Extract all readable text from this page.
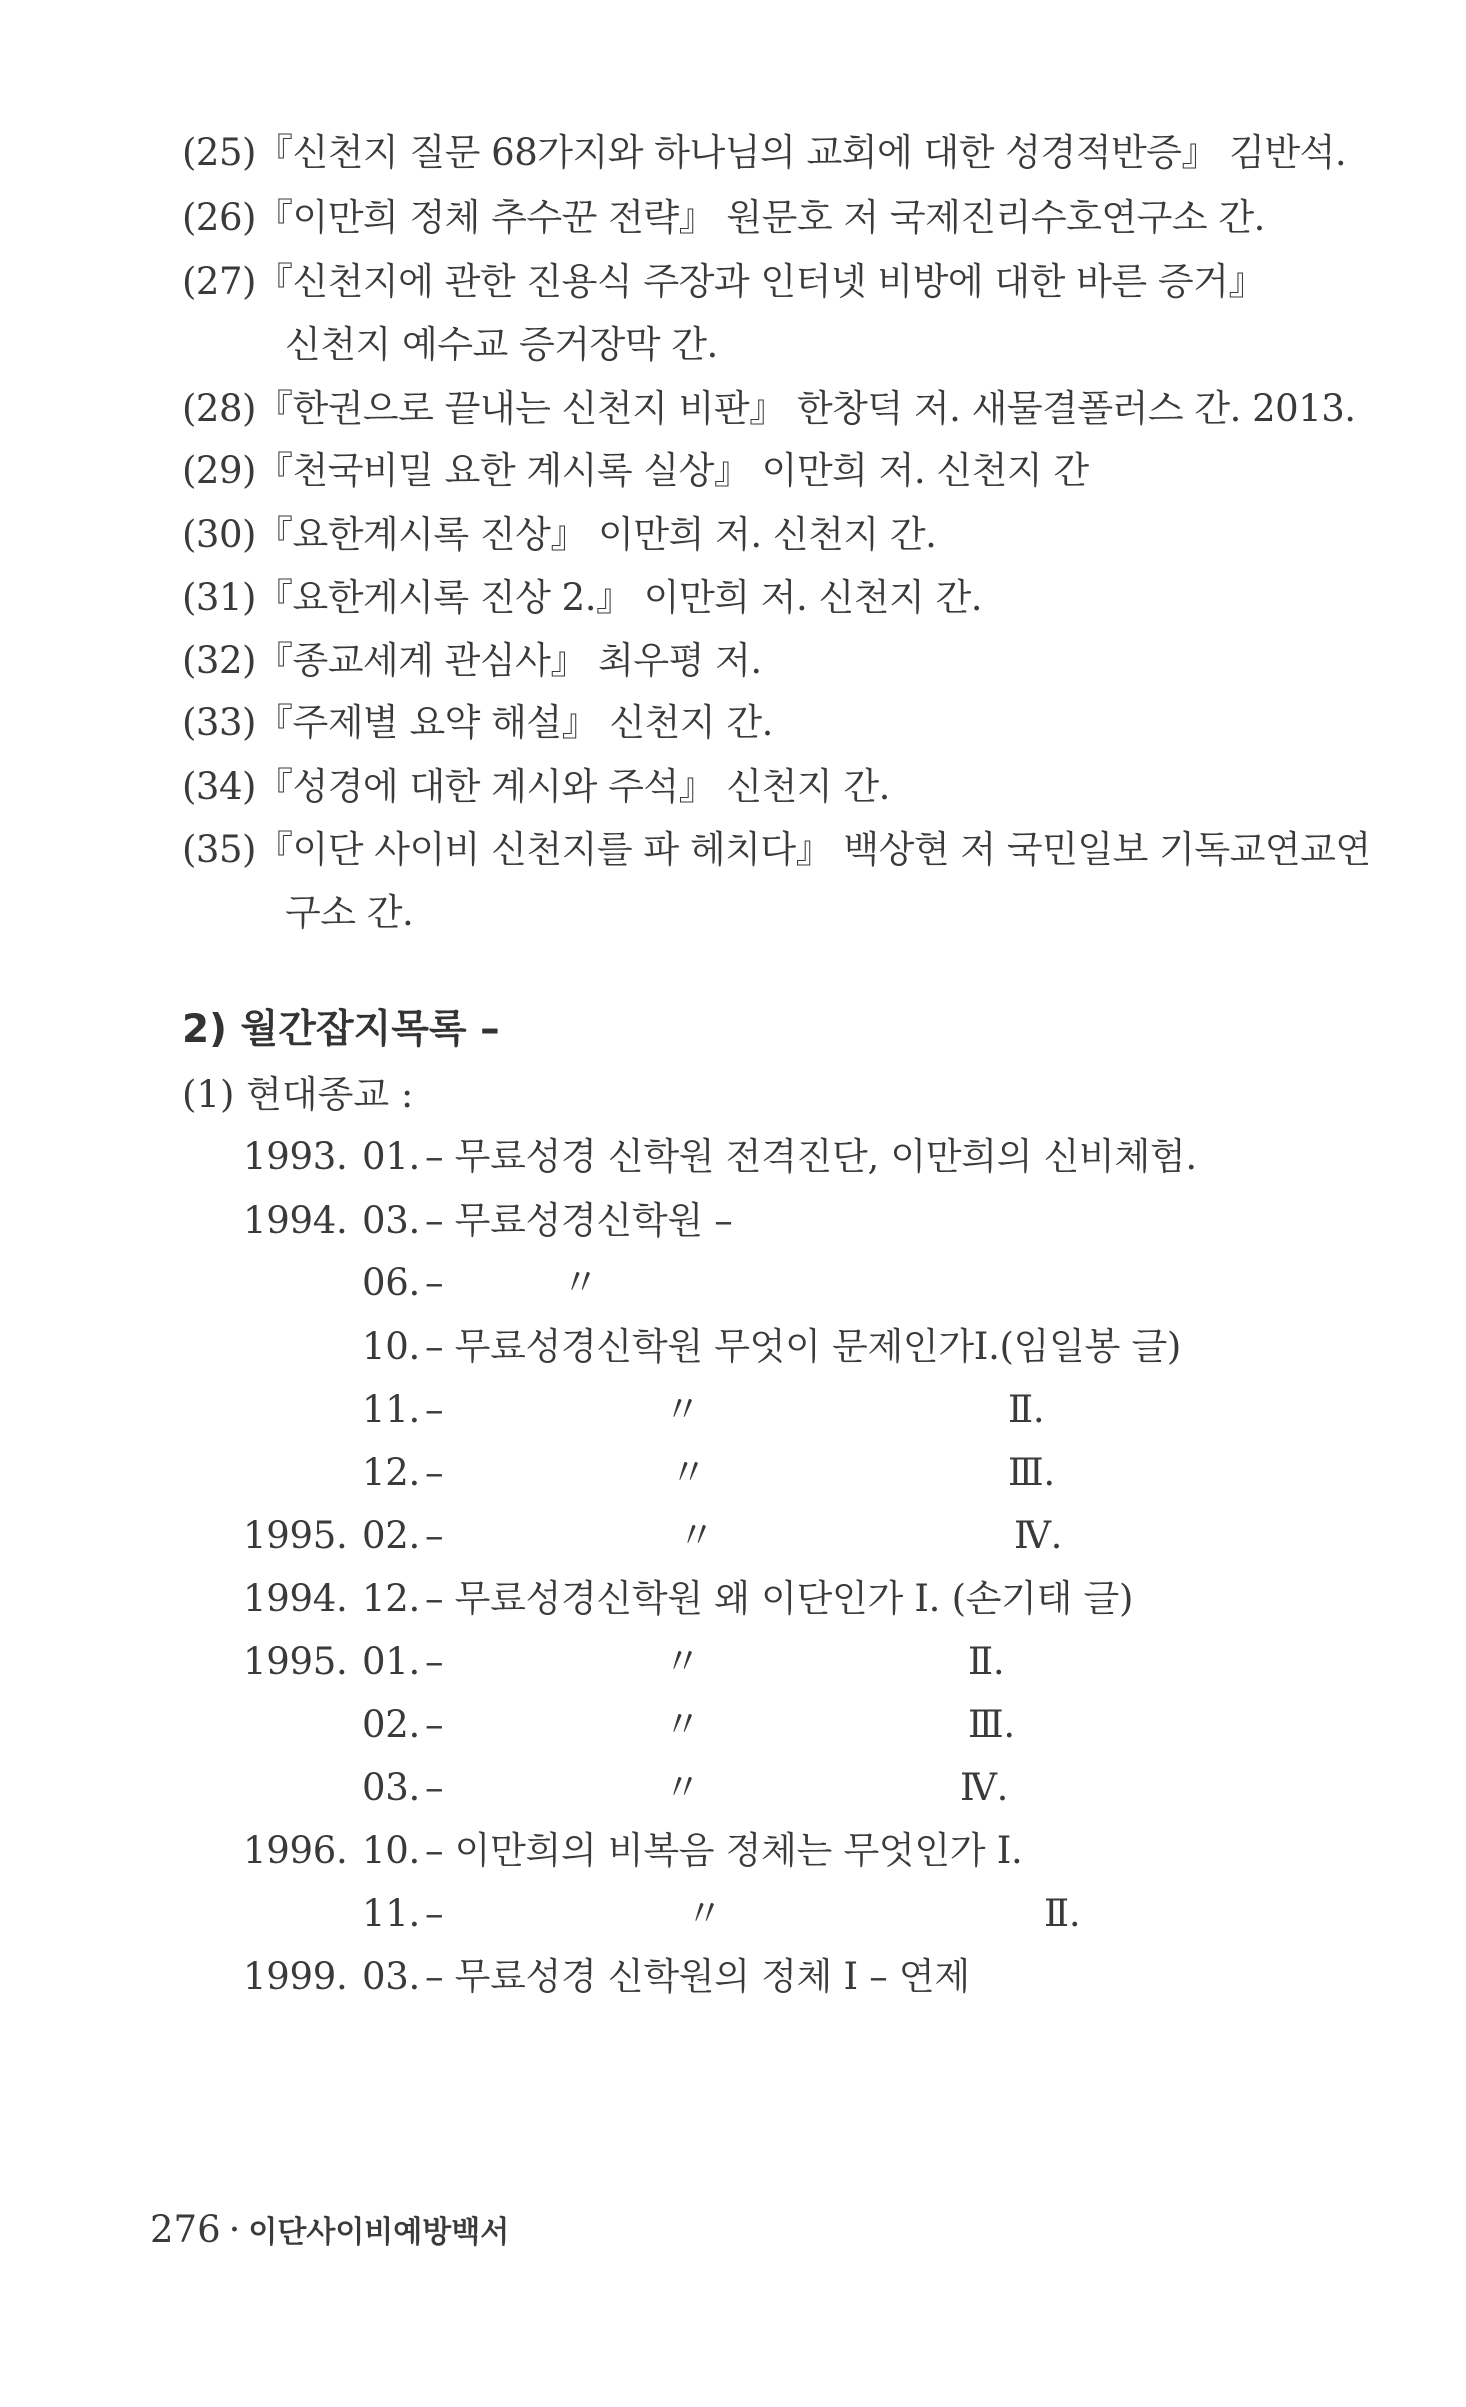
(25)『신천지 질문 68가지와 하나님의 교회에 대한 성경적반증』 김반석.
(26)『이만희 정체 추수꾼 전략』 원문호 저 국제진리수호연구소 간.
(27)『신천지에 관한 진용식 주장과 인터넷 비방에 대한 바른 증거』
신천지 예수교 증거장막 간.
(28)『한권으로 끝내는 신천지 비판』 한창덕 저. 새물결폴러스 간. 2013.
(29)『천국비밀 요한 계시록 실상』 이만희 저. 신천지 간
(30)『요한계시록 진상』 이만희 저. 신천지 간.
(31)『요한게시록 진상 2.』 이만희 저. 신천지 간.
(32)『종교세계 관심사』 최우평 저.
(33)『주제별 요약 해설』 신천지 간.
(34)『성경에 대한 계시와 주석』 신천지 간.
(35)『이단 사이비 신천지를 파 헤치다』 백상현 저 국민일보 기독교연교연
구소 간.
2) 월간잡지목록 –
(1) 현대종교 :
1993. 01. – 무료성경 신학원 전격진단, 이만희의 신비체험.
1994. 03. – 무료성경신학원 –
06. –	〃
10. – 무료성경신학원 무엇이 문제인가Ⅰ.(임일봉 글)
11. –	〃	Ⅱ.
12. –	〃	Ⅲ.
1995. 02. –	〃	Ⅳ.
1994. 12. – 무료성경신학원 왜 이단인가 Ⅰ. (손기태 글)
1995. 01. –	〃	Ⅱ.
02. –	〃	Ⅲ.
03. –	〃	Ⅳ.
1996. 10. – 이만희의 비복음 정체는 무엇인가 Ⅰ.
11. –	〃	Ⅱ.
1999. 03. – 무료성경 신학원의 정체 Ⅰ – 연제
276 · 이단사이비예방백서
